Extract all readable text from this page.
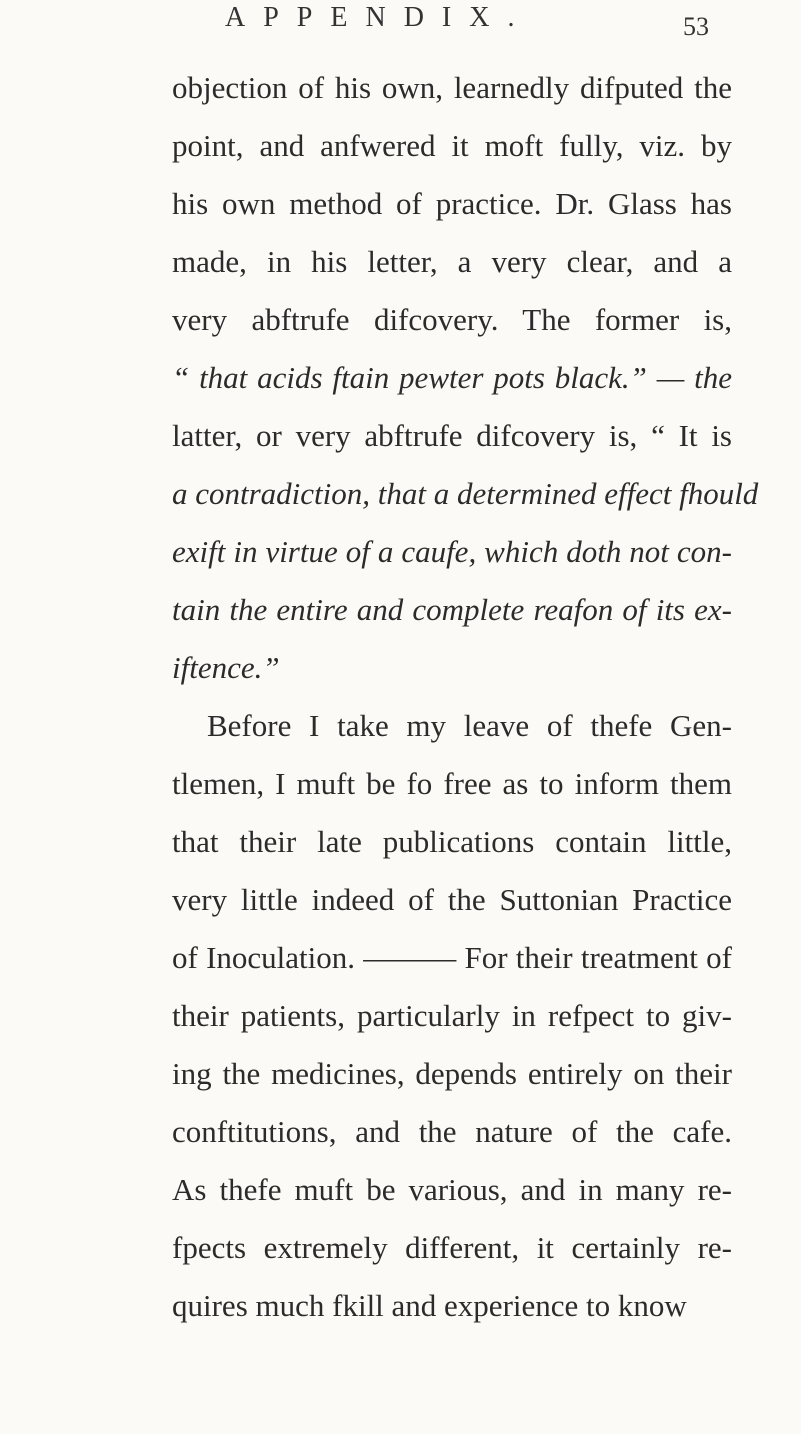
APPENDIX.	53
objection of his own, learnedly difputed the
point, and anfwered it moft fully, viz. by
his own method of practice. Dr. Glass has
made, in his letter, a very clear, and a
very abftrufe difcovery. The former is,
“ that acids ftain pewter pots black.” — the
latter, or very abftrufe difcovery is, “ It is
a contradiction, that a determined effect fhould
exift in virtue of a caufe, which doth not con-
tain the entire and complete reafon of its ex-
iftence.”
Before I take my leave of thefe Gen-
tlemen, I muft be fo free as to inform them
that their late publications contain little,
very little indeed of the Suttonian Practice
of Inoculation. ——— For their treatment of
their patients, particularly in refpect to giv-
ing the medicines, depends entirely on their
conftitutions, and the nature of the cafe.
As thefe muft be various, and in many re-
fpects extremely different, it certainly re-
quires much fkill and experience to know
